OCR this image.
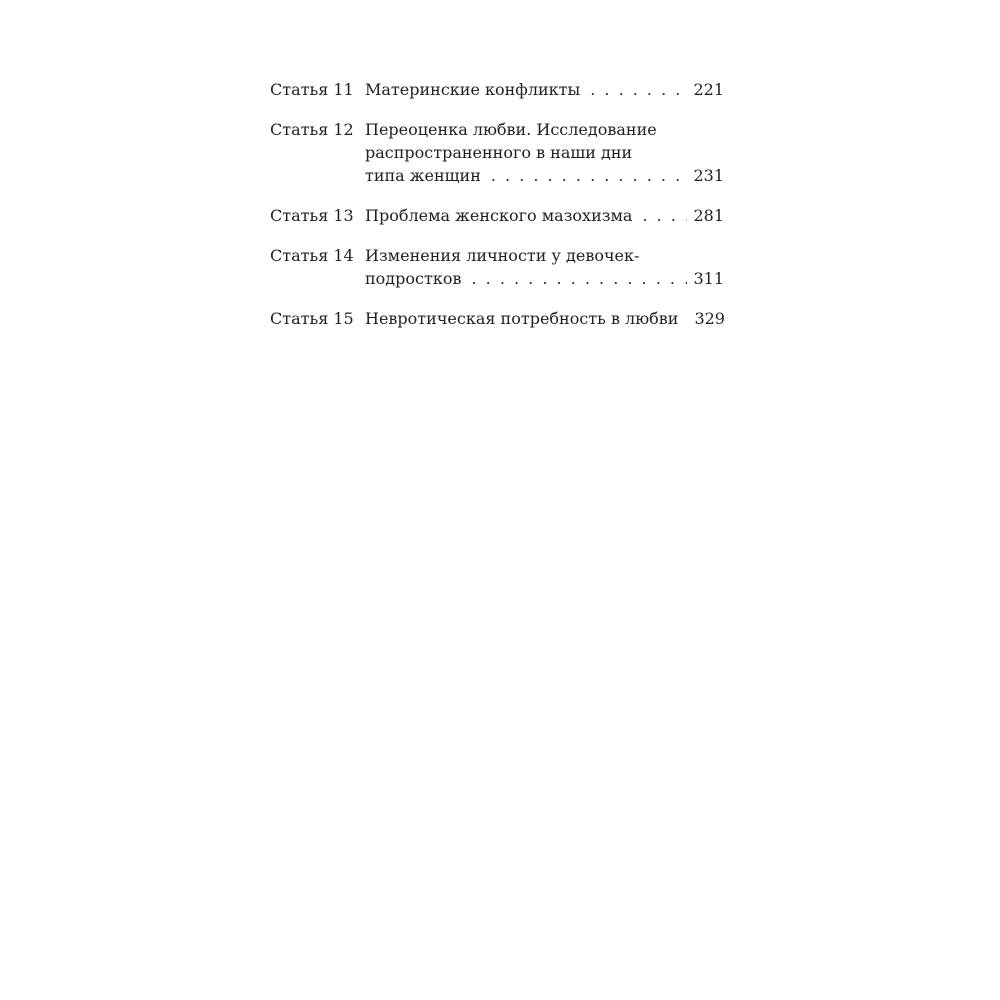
Статья 11 Материнские конфликты . . .	221
Статья 12 Переоценка любви. Исследование
распространенного в наши дни
типа женщин . . .	231
Статья 13 Проблема женского мазохизма . . .	281
Статья 14 Изменения личности у девочек-
подростков . . .	311
Статья 15 Невротическая потребность в любви 329
